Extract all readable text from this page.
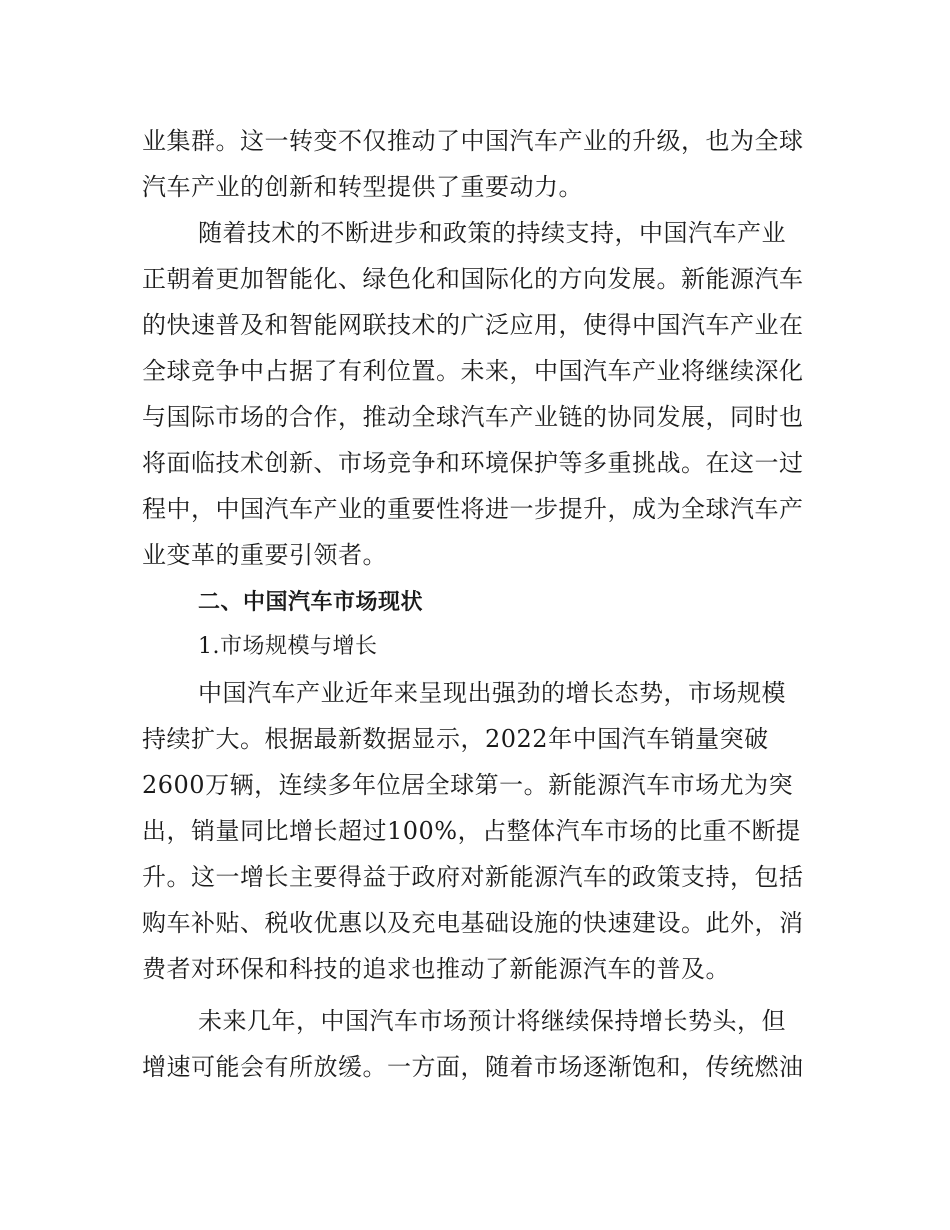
业集群。这一转变不仅推动了中国汽车产业的升级，也为全球
汽车产业的创新和转型提供了重要动力。
随着技术的不断进步和政策的持续支持，中国汽车产业
正朝着更加智能化、绿色化和国际化的方向发展。新能源汽车
的快速普及和智能网联技术的广泛应用，使得中国汽车产业在
全球竞争中占据了有利位置。未来，中国汽车产业将继续深化
与国际市场的合作，推动全球汽车产业链的协同发展，同时也
将面临技术创新、市场竞争和环境保护等多重挑战。在这一过
程中，中国汽车产业的重要性将进一步提升，成为全球汽车产
业变革的重要引领者。
二、中国汽车市场现状
1.市场规模与增长
中国汽车产业近年来呈现出强劲的增长态势，市场规模
持续扩大。根据最新数据显示，2022年中国汽车销量突破
2600万辆，连续多年位居全球第一。新能源汽车市场尤为突
出，销量同比增长超过100%，占整体汽车市场的比重不断提
升。这一增长主要得益于政府对新能源汽车的政策支持，包括
购车补贴、税收优惠以及充电基础设施的快速建设。此外，消
费者对环保和科技的追求也推动了新能源汽车的普及。
未来几年，中国汽车市场预计将继续保持增长势头，但
增速可能会有所放缓。一方面，随着市场逐渐饱和，传统燃油
